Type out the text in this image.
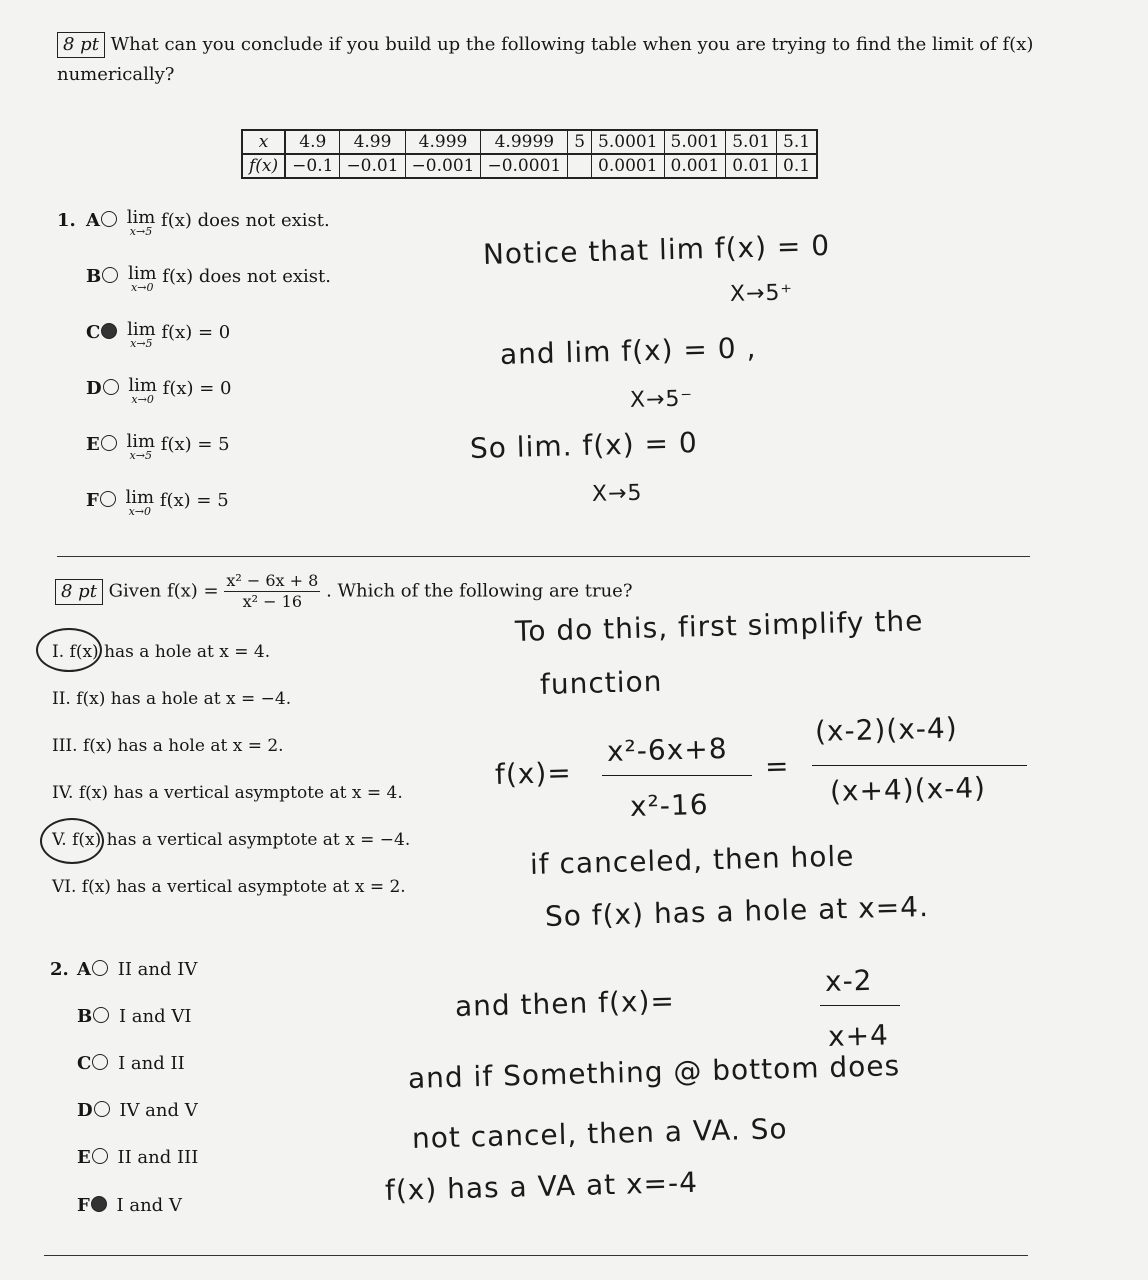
8 pt What can you conclude if you build up the following table when you are trying to find the limit of f(x)
numerically?
x	4.9	4.99	4.999	4.9999	5	5.0001	5.001	5.01	5.1
f(x)	−0.1	−0.01	−0.001	−0.0001		0.0001	0.001	0.01	0.1
1. A lim
x→5
f(x) does not exist.
B lim
x→0
f(x) does not exist.
C lim
x→5
f(x) = 0
D lim
x→0
f(x) = 0
E lim
x→5
f(x) = 5
F lim
x→0
f(x) = 5
Notice that lim f(x) = 0
X→5⁺
and lim f(x) = 0 ,
X→5⁻
So lim. f(x) = 0
X→5
8 pt Given $f(x) = \frac{\text{x² − 6x + 8}}{\text{x² − 16}}$ . Which of the following are true?
I. f(x) has a hole at x = 4.
II. f(x) has a hole at x = −4.
III. f(x) has a hole at x = 2.
IV. f(x) has a vertical asymptote at x = 4.
V. f(x) has a vertical asymptote at x = −4.
VI. f(x) has a vertical asymptote at x = 2.
2. A II and IV
B I and VI
C I and II
D IV and V
E II and III
F I and V
To do this, first simplify the
function
f(x)=
x²-6x+8
x²-16
=
(x-2)(x-4)
(x+4)(x-4)
if canceled, then hole
So f(x) has a hole at x=4.
and then f(x)=
x-2
x+4
and if Something @ bottom does
not cancel, then a VA. So
f(x) has a VA at x=-4
